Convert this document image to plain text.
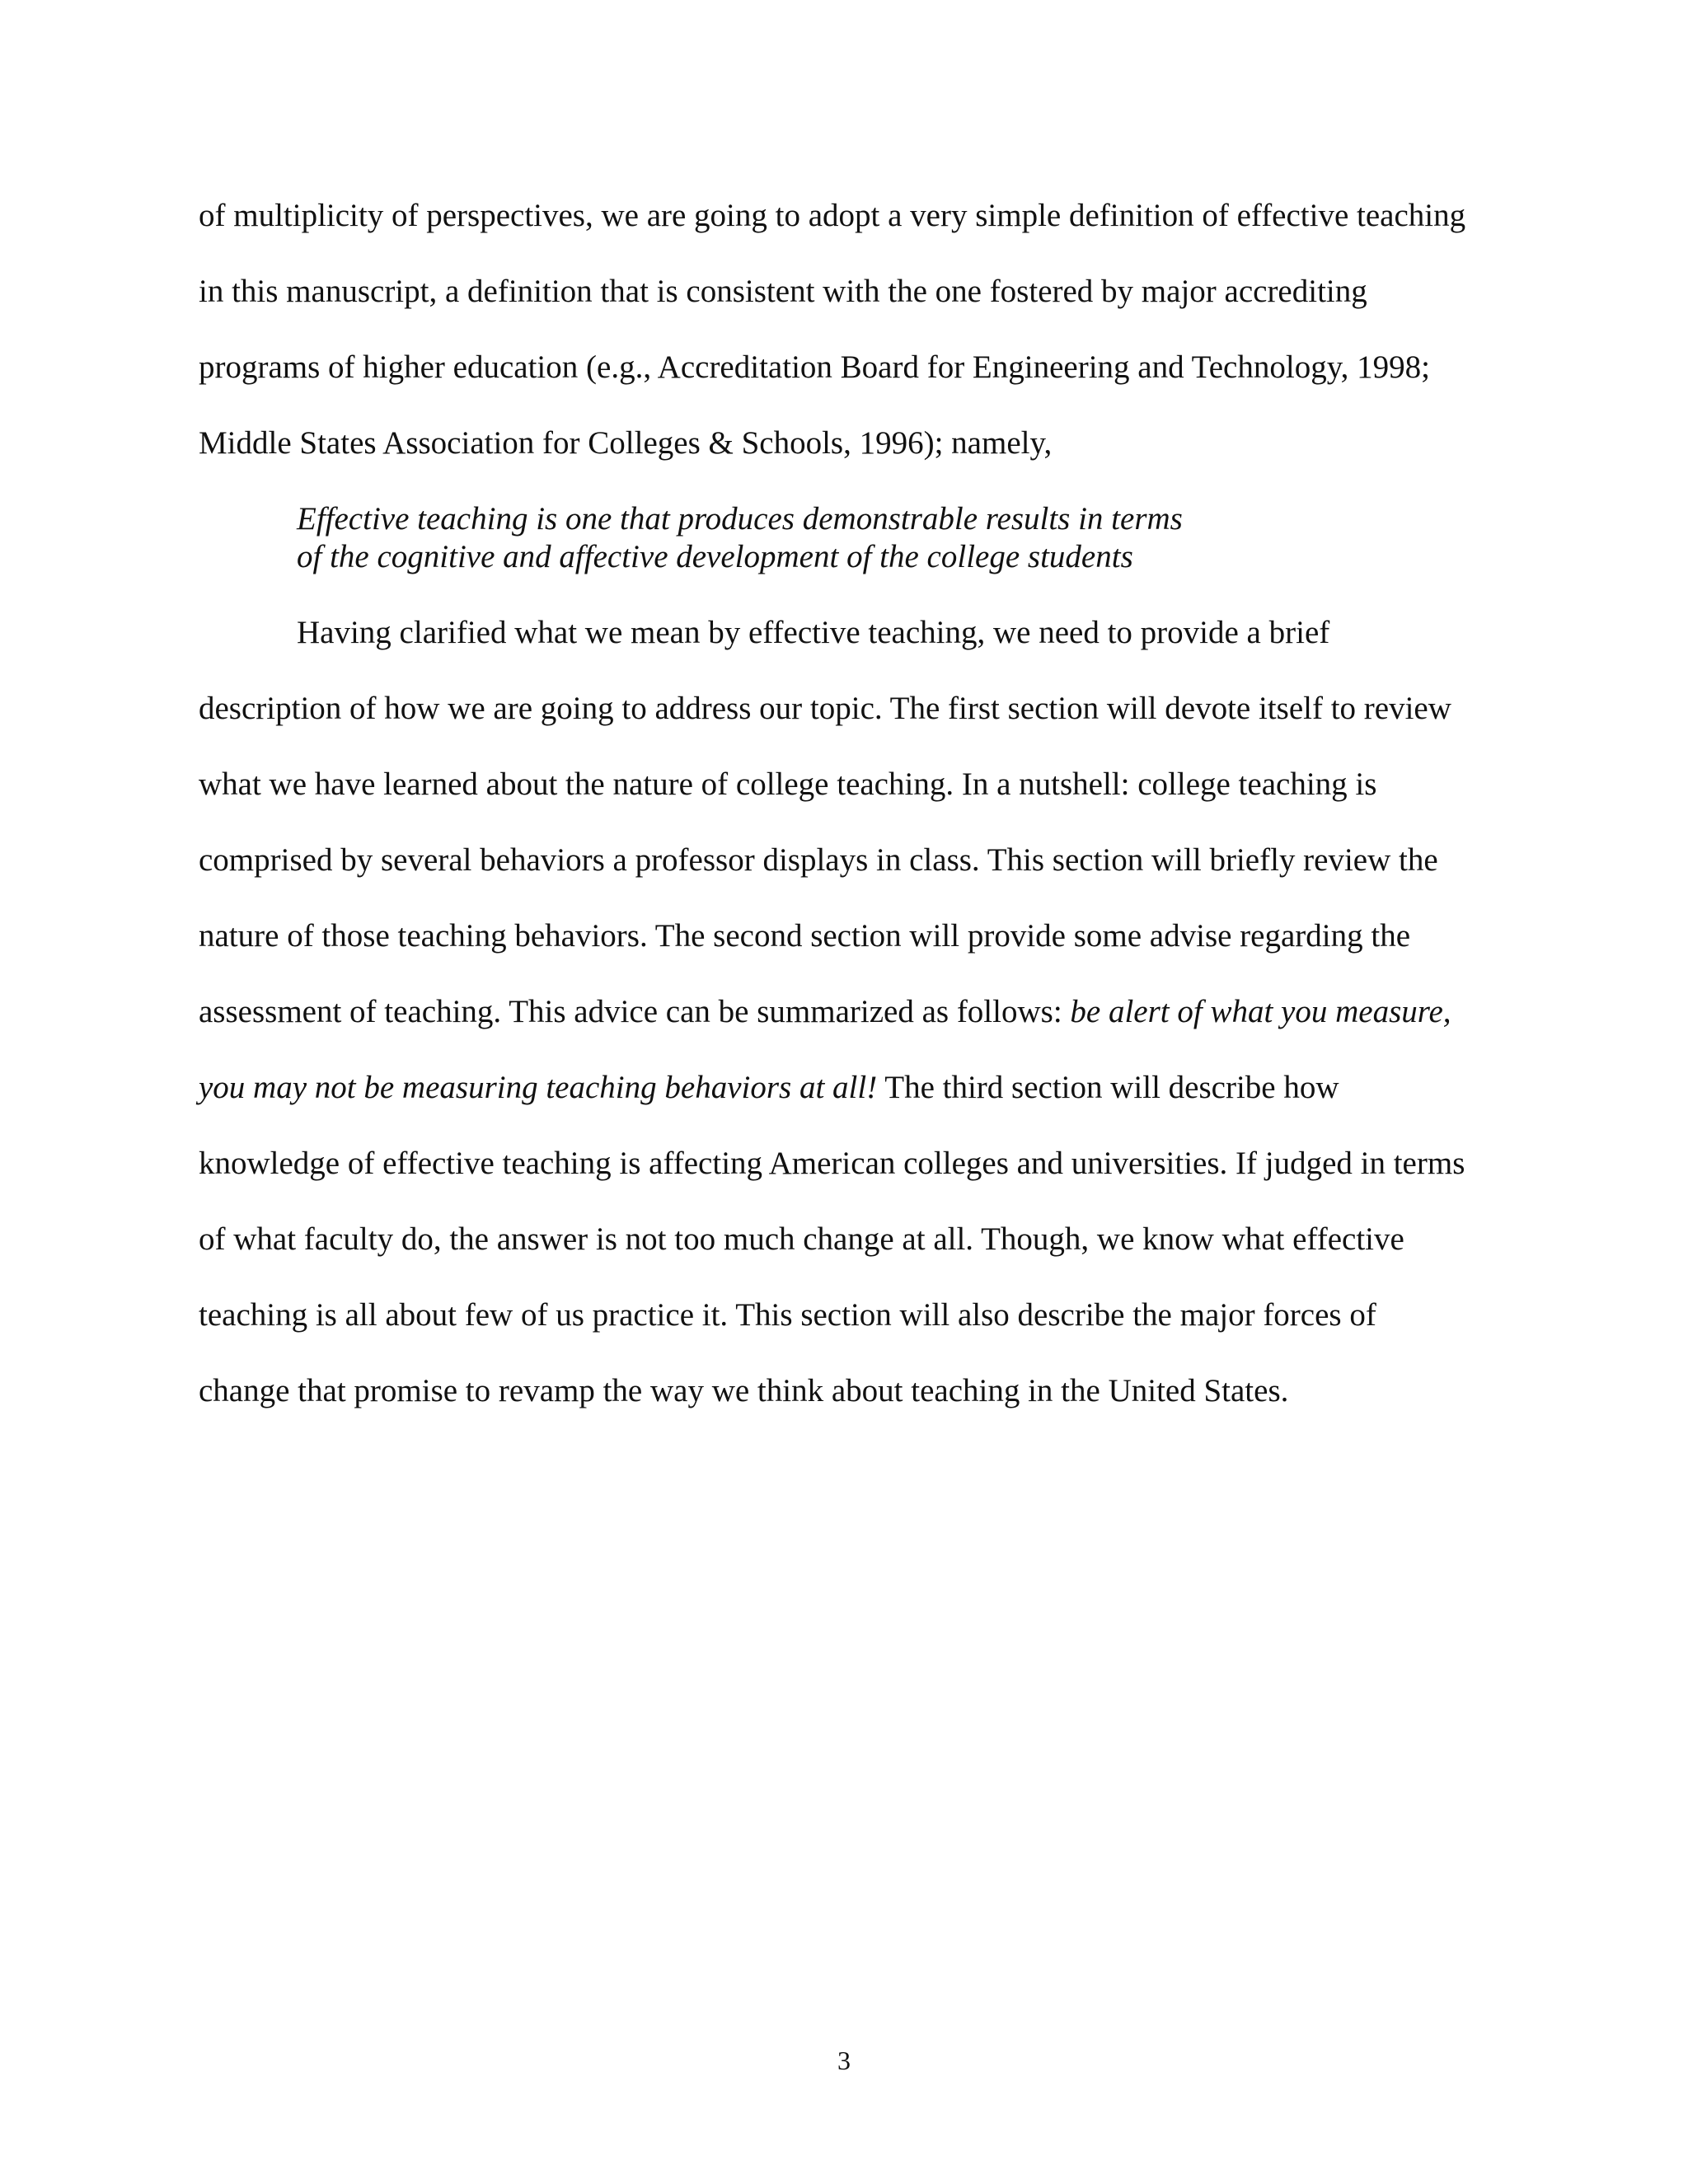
of multiplicity of perspectives, we are going to adopt a very simple definition of effective teaching

in this manuscript, a definition that is consistent with the one fostered by major accrediting

programs of higher education (e.g., Accreditation Board for Engineering and Technology, 1998;

Middle States Association for Colleges & Schools, 1996); namely,

Effective teaching is one that produces demonstrable results in terms

of the cognitive and affective development of the college students

Having clarified what we mean by effective teaching, we need to provide a brief

description of how we are going to address our topic. The first section will devote itself to review

what we have learned about the nature of college teaching. In a nutshell: college teaching is

comprised by several behaviors a professor displays in class. This section will briefly review the

nature of those teaching behaviors. The second section will provide some advise regarding the

assessment of teaching. This advice can be summarized as follows: be alert of what you measure,

you may not be measuring teaching behaviors at all! The third section will describe how

knowledge of effective teaching is affecting American colleges and universities. If judged in terms

of what faculty do, the answer is not too much change at all. Though, we know what effective

teaching is all about few of us practice it. This section will also describe the major forces of

change that promise to revamp the way we think about teaching in the United States.

3
